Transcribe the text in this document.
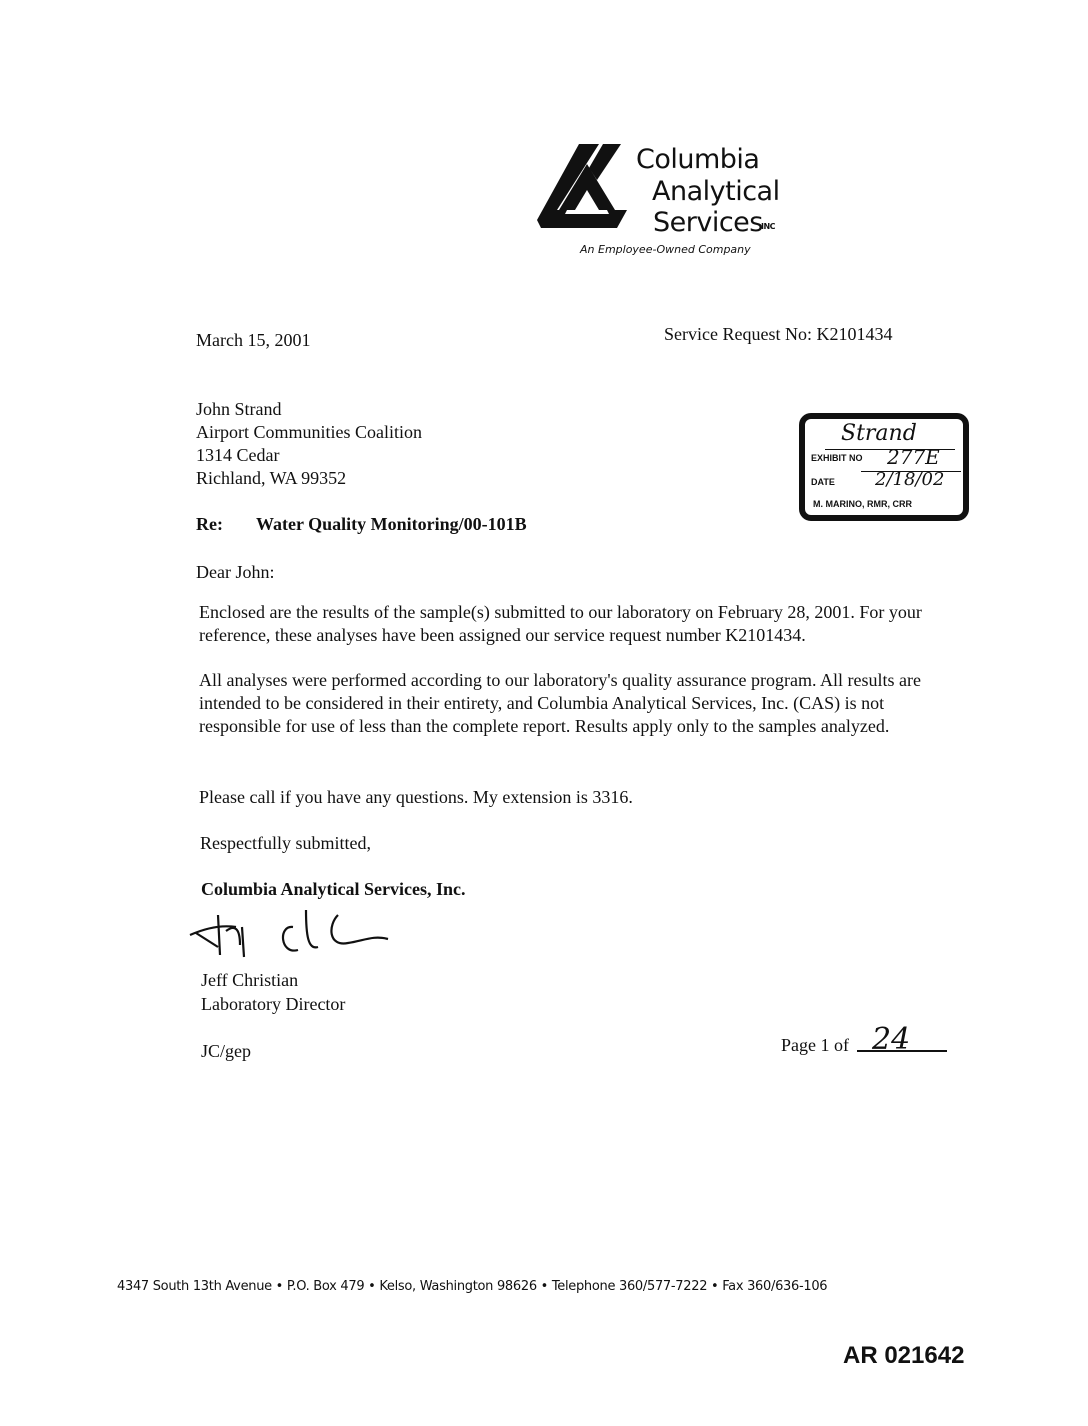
Columbia
Analytical
Services
INC
An Employee-Owned Company
March 15, 2001	Service Request No: K2101434
John Strand
Airport Communities Coalition
1314 Cedar
Richland, WA 99352
Strand
EXHIBIT NO 277E
DATE 2/18/02
M. MARINO, RMR, CRR
Re: Water Quality Monitoring/00-101B
Dear John:
Enclosed are the results of the sample(s) submitted to our laboratory on February 28, 2001. For your reference, these analyses have been assigned our service request number K2101434.
All analyses were performed according to our laboratory's quality assurance program. All results are intended to be considered in their entirety, and Columbia Analytical Services, Inc. (CAS) is not responsible for use of less than the complete report. Results apply only to the samples analyzed.
Please call if you have any questions. My extension is 3316.
Respectfully submitted,
Columbia Analytical Services, Inc.
Jeff Christian
Laboratory Director
JC/gep	Page 1 of 24
4347 South 13th Avenue • P.O. Box 479 • Kelso, Washington 98626 • Telephone 360/577-7222 • Fax 360/636-106
AR 021642
